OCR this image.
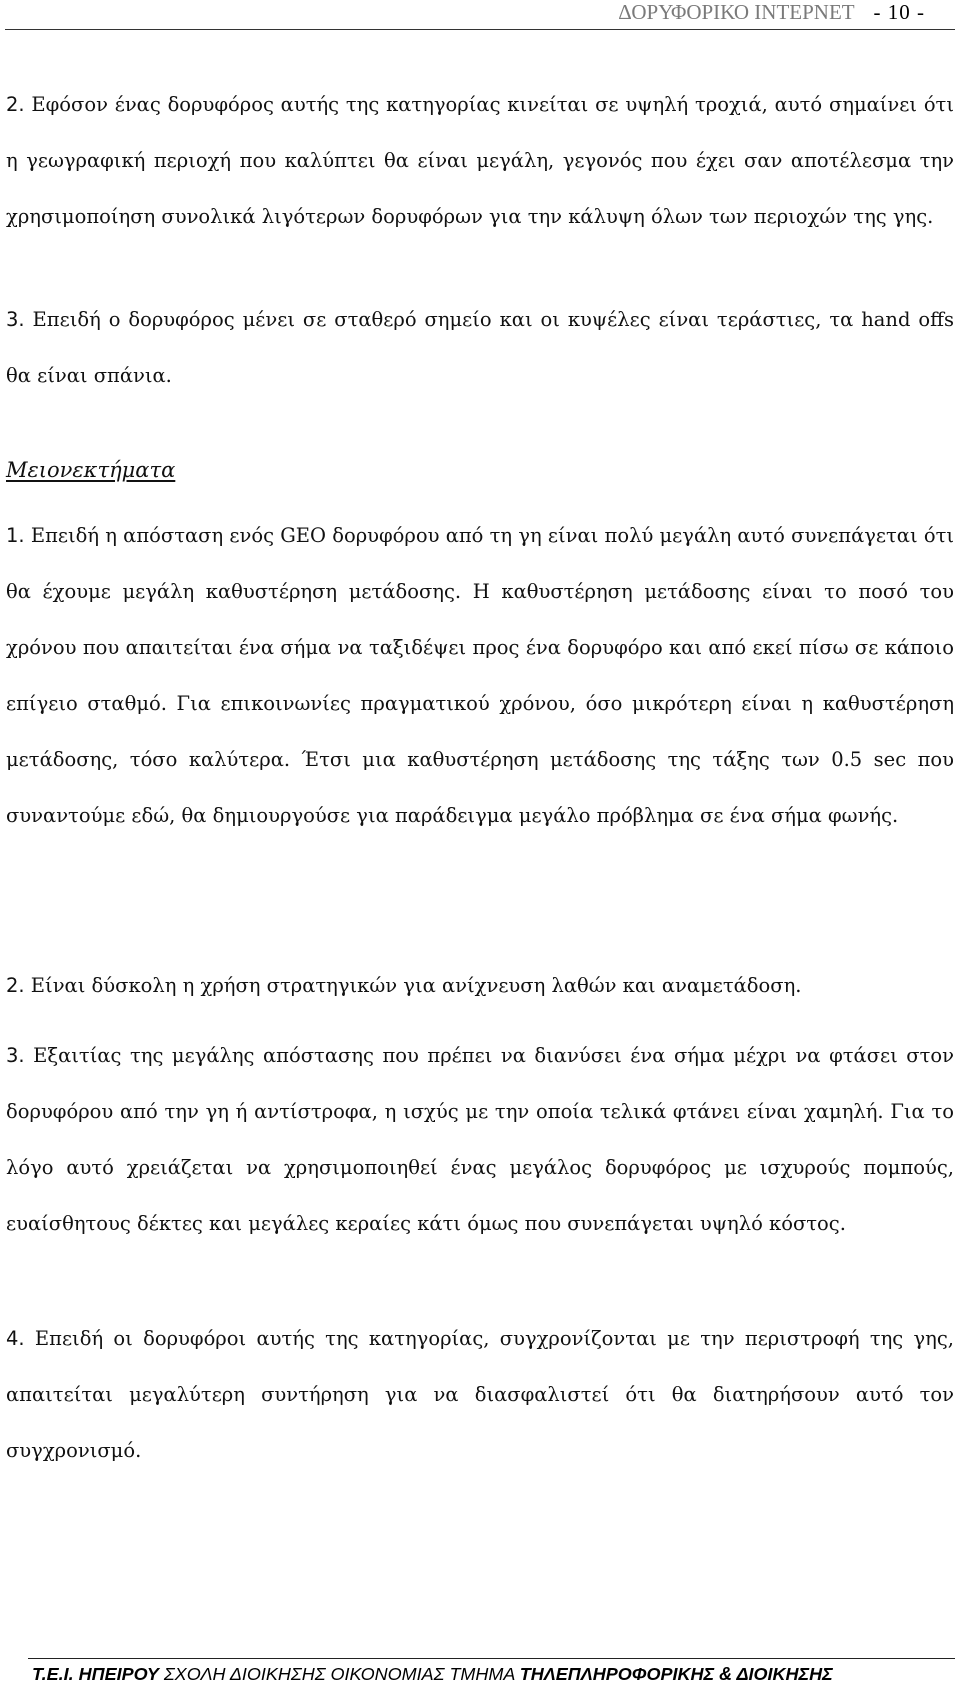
ΔΟΡΥΦΟΡΙΚΟ ΙΝΤΕΡΝΕΤ - 10 -
2. Εφόσον ένας δορυφόρος αυτής της κατηγορίας κινείται σε υψηλή τροχιά, αυτό σημαίνει ότι η γεωγραφική περιοχή που καλύπτει θα είναι μεγάλη, γεγονός που έχει σαν αποτέλεσμα την χρησιμοποίηση συνολικά λιγότερων δορυφόρων για την κάλυψη όλων των περιοχών της γης.
3. Επειδή ο δορυφόρος μένει σε σταθερό σημείο και οι κυψέλες είναι τεράστιες, τα hand offs θα είναι σπάνια.
Μειονεκτήματα
1. Επειδή η απόσταση ενός GEO δορυφόρου από τη γη είναι πολύ μεγάλη αυτό συνεπάγεται ότι θα έχουμε μεγάλη καθυστέρηση μετάδοσης. Η καθυστέρηση μετάδοσης είναι το ποσό του χρόνου που απαιτείται ένα σήμα να ταξιδέψει προς ένα δορυφόρο και από εκεί πίσω σε κάποιο επίγειο σταθμό. Για επικοινωνίες πραγματικού χρόνου, όσο μικρότερη είναι η καθυστέρηση μετάδοσης, τόσο καλύτερα. Έτσι μια καθυστέρηση μετάδοσης της τάξης των 0.5 sec που συναντούμε εδώ, θα δημιουργούσε για παράδειγμα μεγάλο πρόβλημα σε ένα σήμα φωνής.
2. Είναι δύσκολη η χρήση στρατηγικών για ανίχνευση λαθών και αναμετάδοση.
3. Εξαιτίας της μεγάλης απόστασης που πρέπει να διανύσει ένα σήμα μέχρι να φτάσει στον δορυφόρου από την γη ή αντίστροφα, η ισχύς με την οποία τελικά φτάνει είναι χαμηλή. Για το λόγο αυτό χρειάζεται να χρησιμοποιηθεί ένας μεγάλος δορυφόρος με ισχυρούς πομπούς, ευαίσθητους δέκτες και μεγάλες κεραίες κάτι όμως που συνεπάγεται υψηλό κόστος.
4. Επειδή οι δορυφόροι αυτής της κατηγορίας, συγχρονίζονται με την περιστροφή της γης, απαιτείται μεγαλύτερη συντήρηση για να διασφαλιστεί ότι θα διατηρήσουν αυτό τον συγχρονισμό.
Τ.Ε.Ι. ΗΠΕΙΡΟΥ ΣΧΟΛΗ ΔΙΟΙΚΗΣΗΣ ΟΙΚΟΝΟΜΙΑΣ ΤΜΗΜΑ ΤΗΛΕΠΛΗΡΟΦΟΡΙΚΗΣ & ΔΙΟΙΚΗΣΗΣ
